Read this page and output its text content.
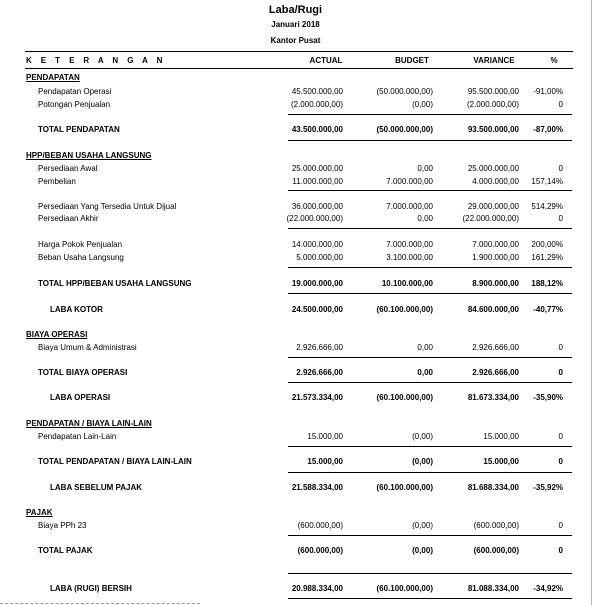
Laba/Rugi
Januari 2018
Kantor Pusat
K E T E R A N G A N	ACTUAL	BUDGET	VARIANCE	%
PENDAPATAN
Pendapatan Operasi	45.500.000,00	(50.000.000,00)	95.500.000,00	-91,00%
Potongan Penjualan	(2.000.000,00)	(0,00)	(2.000.000,00)	0
TOTAL PENDAPATAN	43.500.000,00	(50.000.000,00)	93.500.000,00	-87,00%
HPP/BEBAN USAHA LANGSUNG
Persediaan Awal	25.000.000,00	0,00	25.000.000,00	0
Pembelian	11.000.000,00	7.000.000,00	4.000.000,00	157,14%
Persediaan Yang Tersedia Untuk Dijual	36.000.000,00	7.000.000,00	29.000.000,00	514,29%
Persediaan Akhir	(22.000.000,00)	0,00	(22.000.000,00)	0
Harga Pokok Penjualan	14.000.000,00	7.000.000,00	7.000.000,00	200,00%
Beban Usaha Langsung	5.000.000,00	3.100.000,00	1.900.000,00	161,29%
TOTAL HPP/BEBAN USAHA LANGSUNG	19.000.000,00	10.100.000,00	8.900.000,00	188,12%
LABA KOTOR	24.500.000,00	(60.100.000,00)	84.600.000,00	-40,77%
BIAYA OPERASI
Biaya Umum & Administrasi	2.926.666,00	0,00	2.926.666,00	0
TOTAL BIAYA OPERASI	2.926.666,00	0,00	2.926.666,00	0
LABA OPERASI	21.573.334,00	(60.100.000,00)	81.673.334,00	-35,90%
PENDAPATAN / BIAYA LAIN-LAIN
Pendapatan Lain-Lain	15.000,00	(0,00)	15.000,00	0
TOTAL PENDAPATAN / BIAYA LAIN-LAIN	15.000,00	(0,00)	15.000,00	0
LABA SEBELUM PAJAK	21.588.334,00	(60.100.000,00)	81.688.334,00	-35,92%
PAJAK
Biaya PPh 23	(600.000,00)	(0,00)	(600.000,00)	0
TOTAL PAJAK	(600.000,00)	(0,00)	(600.000,00)	0
LABA (RUGI) BERSIH	20.988.334,00	(60.100.000,00)	81.088.334,00	-34,92%
